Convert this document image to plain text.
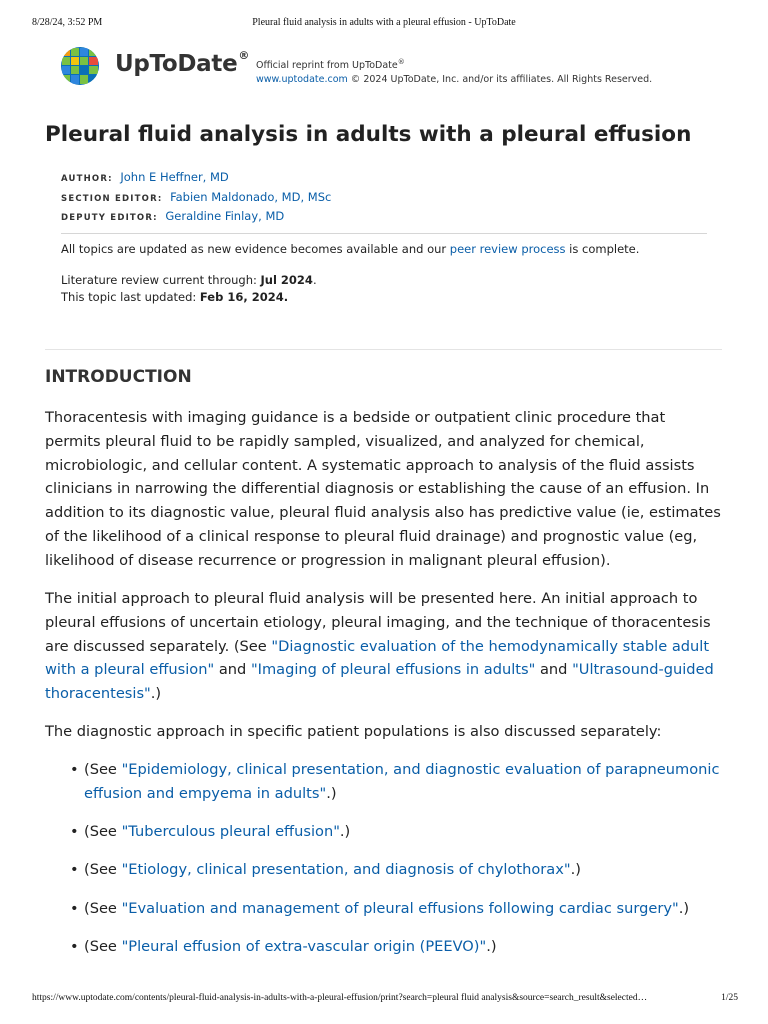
8/28/24, 3:52 PM	Pleural fluid analysis in adults with a pleural effusion - UpToDate
UpToDate®
Official reprint from UpToDate®
www.uptodate.com © 2024 UpToDate, Inc. and/or its affiliates. All Rights Reserved.
Pleural fluid analysis in adults with a pleural effusion
AUTHOR: John E Heffner, MD
SECTION EDITOR: Fabien Maldonado, MD, MSc
DEPUTY EDITOR: Geraldine Finlay, MD
All topics are updated as new evidence becomes available and our peer review process is complete.
Literature review current through: Jul 2024.
This topic last updated: Feb 16, 2024.
INTRODUCTION

Thoracentesis with imaging guidance is a bedside or outpatient clinic procedure that permits pleural fluid to be rapidly sampled, visualized, and analyzed for chemical, microbiologic, and cellular content. A systematic approach to analysis of the fluid assists clinicians in narrowing the differential diagnosis or establishing the cause of an effusion. In addition to its diagnostic value, pleural fluid analysis also has predictive value (ie, estimates of the likelihood of a clinical response to pleural fluid drainage) and prognostic value (eg, likelihood of disease recurrence or progression in malignant pleural effusion).

The initial approach to pleural fluid analysis will be presented here. An initial approach to pleural effusions of uncertain etiology, pleural imaging, and the technique of thoracentesis are discussed separately. (See "Diagnostic evaluation of the hemodynamically stable adult with a pleural effusion" and "Imaging of pleural effusions in adults" and "Ultrasound-guided thoracentesis".)

The diagnostic approach in specific patient populations is also discussed separately:

• (See "Epidemiology, clinical presentation, and diagnostic evaluation of parapneumonic effusion and empyema in adults".)
• (See "Tuberculous pleural effusion".)
• (See "Etiology, clinical presentation, and diagnosis of chylothorax".)
• (See "Evaluation and management of pleural effusions following cardiac surgery".)
• (See "Pleural effusion of extra-vascular origin (PEEVO)".)
https://www.uptodate.com/contents/pleural-fluid-analysis-in-adults-with-a-pleural-effusion/print?search=pleural fluid analysis&source=search_result&selected…	1/25
